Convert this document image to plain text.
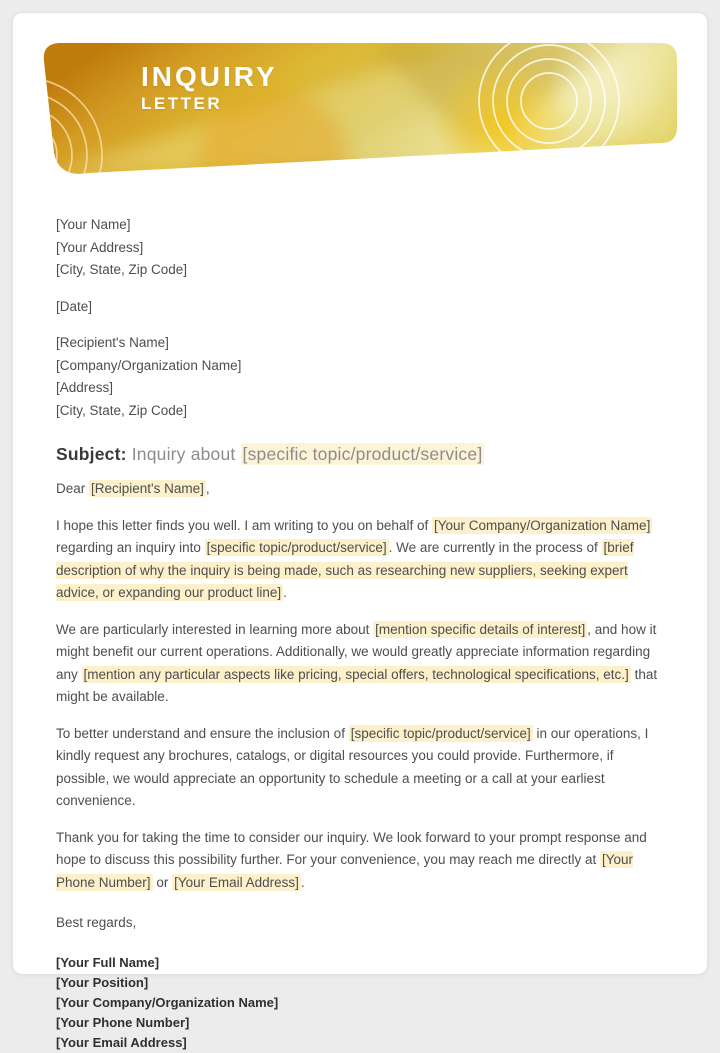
INQUIRY
LETTER
[Your Name]
[Your Address]
[City, State, Zip Code]
[Date]
[Recipient's Name]
[Company/Organization Name]
[Address]
[City, State, Zip Code]
Subject: Inquiry about [specific topic/product/service]

Dear [Recipient's Name] ,

I hope this letter finds you well. I am writing to you on behalf of [Your Company/Organization Name] regarding an inquiry into [specific topic/product/service] . We are currently in the process of [brief description of why the inquiry is being made, such as researching new suppliers, seeking expert advice, or expanding our product line] .

We are particularly interested in learning more about [mention specific details of interest] , and how it might benefit our current operations. Additionally, we would greatly appreciate information regarding any [mention any particular aspects like pricing, special offers, technological specifications, etc.] that might be available.

To better understand and ensure the inclusion of [specific topic/product/service] in our operations, I kindly request any brochures, catalogs, or digital resources you could provide. Furthermore, if possible, we would appreciate an opportunity to schedule a meeting or a call at your earliest convenience.

Thank you for taking the time to consider our inquiry. We look forward to your prompt response and hope to discuss this possibility further. For your convenience, you may reach me directly at [Your Phone Number] or [Your Email Address] .

Best regards,

[Your Full Name]
[Your Position]
[Your Company/Organization Name]
[Your Phone Number]
[Your Email Address]
